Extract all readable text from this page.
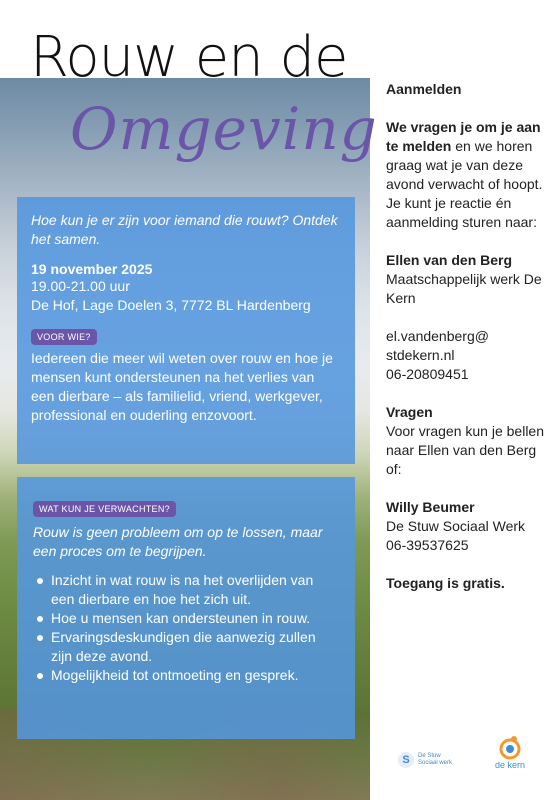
Rouw en de
Omgeving
Hoe kun je er zijn voor iemand die rouwt? Ontdek het samen.
19 november 2025
19.00-21.00 uur
De Hof, Lage Doelen 3, 7772 BL Hardenberg
VOOR WIE?
Iedereen die meer wil weten over rouw en hoe je mensen kunt ondersteunen na het verlies van een dierbare – als familielid, vriend, werkgever, professional en ouderling enzovoort.
WAT KUN JE VERWACHTEN?
Rouw is geen probleem om op te lossen, maar een proces om te begrijpen.
Inzicht in wat rouw is na het overlijden van een dierbare en hoe het zich uit.
Hoe u mensen kan ondersteunen in rouw.
Ervaringsdeskundigen die aanwezig zullen zijn deze avond.
Mogelijkheid tot ontmoeting en gesprek.
Aanmelden
We vragen je om je aan te melden en we horen graag wat je van deze avond verwacht of hoopt. Je kunt je reactie én aanmelding sturen naar:
Ellen van den Berg
Maatschappelijk werk De Kern
el.vandenberg@ stdekern.nl
06-20809451
Vragen
Voor vragen kun je bellen naar Ellen van den Berg of:
Willy Beumer
De Stuw Sociaal Werk
06-39537625
Toegang is gratis.
S	De Stuw
Sociaal werk	de kern
